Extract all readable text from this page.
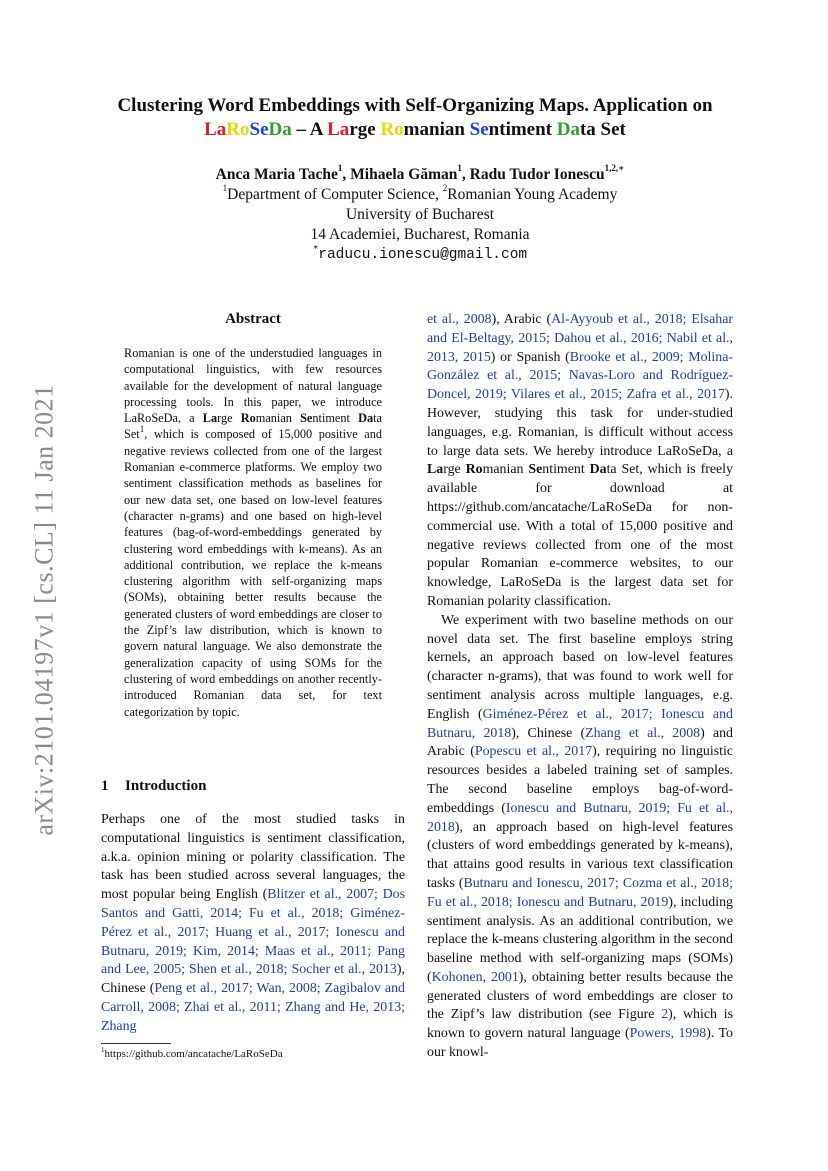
arXiv:2101.04197v1 [cs.CL] 11 Jan 2021
Clustering Word Embeddings with Self-Organizing Maps. Application on
LaRoSeDa – A Large Romanian Sentiment Data Set
Anca Maria Tache$^1$, Mihaela Găman$^1$, Radu Tudor Ionescu$^{1,2,∗}$
$^1$Department of Computer Science, $^2$Romanian Young Academy
University of Bucharest
14 Academiei, Bucharest, Romania
∗raducu.ionescu@gmail.com
Abstract
Romanian is one of the understudied languages in computational linguistics, with few resources available for the development of natural language processing tools. In this paper, we introduce LaRoSeDa, a Large Romanian Sentiment Data Set$^1$, which is composed of 15,000 positive and negative reviews collected from one of the largest Romanian e-commerce platforms. We employ two sentiment classification methods as baselines for our new data set, one based on low-level features (character n-grams) and one based on high-level features (bag-of-word-embeddings generated by clustering word embeddings with k-means). As an additional contribution, we replace the k-means clustering algorithm with self-organizing maps (SOMs), obtaining better results because the generated clusters of word embeddings are closer to the Zipf’s law distribution, which is known to govern natural language. We also demonstrate the generalization capacity of using SOMs for the clustering of word embeddings on another recently-introduced Romanian data set, for text categorization by topic.
1 Introduction
Perhaps one of the most studied tasks in computational linguistics is sentiment classification, a.k.a. opinion mining or polarity classification. The task has been studied across several languages, the most popular being English (Blitzer et al., 2007; Dos Santos and Gatti, 2014; Fu et al., 2018; Giménez-Pérez et al., 2017; Huang et al., 2017; Ionescu and Butnaru, 2019; Kim, 2014; Maas et al., 2011; Pang and Lee, 2005; Shen et al., 2018; Socher et al., 2013), Chinese (Peng et al., 2017; Wan, 2008; Zagibalov and Carroll, 2008; Zhai et al., 2011; Zhang and He, 2013; Zhang

et al., 2008), Arabic (Al-Ayyoub et al., 2018; Elsahar and El-Beltagy, 2015; Dahou et al., 2016; Nabil et al., 2013, 2015) or Spanish (Brooke et al., 2009; Molina-González et al., 2015; Navas-Loro and Rodríguez-Doncel, 2019; Vilares et al., 2015; Zafra et al., 2017). However, studying this task for under-studied languages, e.g. Romanian, is difficult without access to large data sets. We hereby introduce LaRoSeDa, a Large Romanian Sentiment Data Set, which is freely available for download at https://github.com/ancatache/LaRoSeDa for non-commercial use. With a total of 15,000 positive and negative reviews collected from one of the most popular Romanian e-commerce websites, to our knowledge, LaRoSeDa is the largest data set for Romanian polarity classification.

We experiment with two baseline methods on our novel data set. The first baseline employs string kernels, an approach based on low-level features (character n-grams), that was found to work well for sentiment analysis across multiple languages, e.g. English (Giménez-Pérez et al., 2017; Ionescu and Butnaru, 2018), Chinese (Zhang et al., 2008) and Arabic (Popescu et al., 2017), requiring no linguistic resources besides a labeled training set of samples. The second baseline employs bag-of-word-embeddings (Ionescu and Butnaru, 2019; Fu et al., 2018), an approach based on high-level features (clusters of word embeddings generated by k-means), that attains good results in various text classification tasks (Butnaru and Ionescu, 2017; Cozma et al., 2018; Fu et al., 2018; Ionescu and Butnaru, 2019), including sentiment analysis. As an additional contribution, we replace the k-means clustering algorithm in the second baseline method with self-organizing maps (SOMs) (Kohonen, 2001), obtaining better results because the generated clusters of word embeddings are closer to the Zipf’s law distribution (see Figure 2), which is known to govern natural language (Powers, 1998). To our knowl-

$^1$https://github.com/ancatache/LaRoSeDa
